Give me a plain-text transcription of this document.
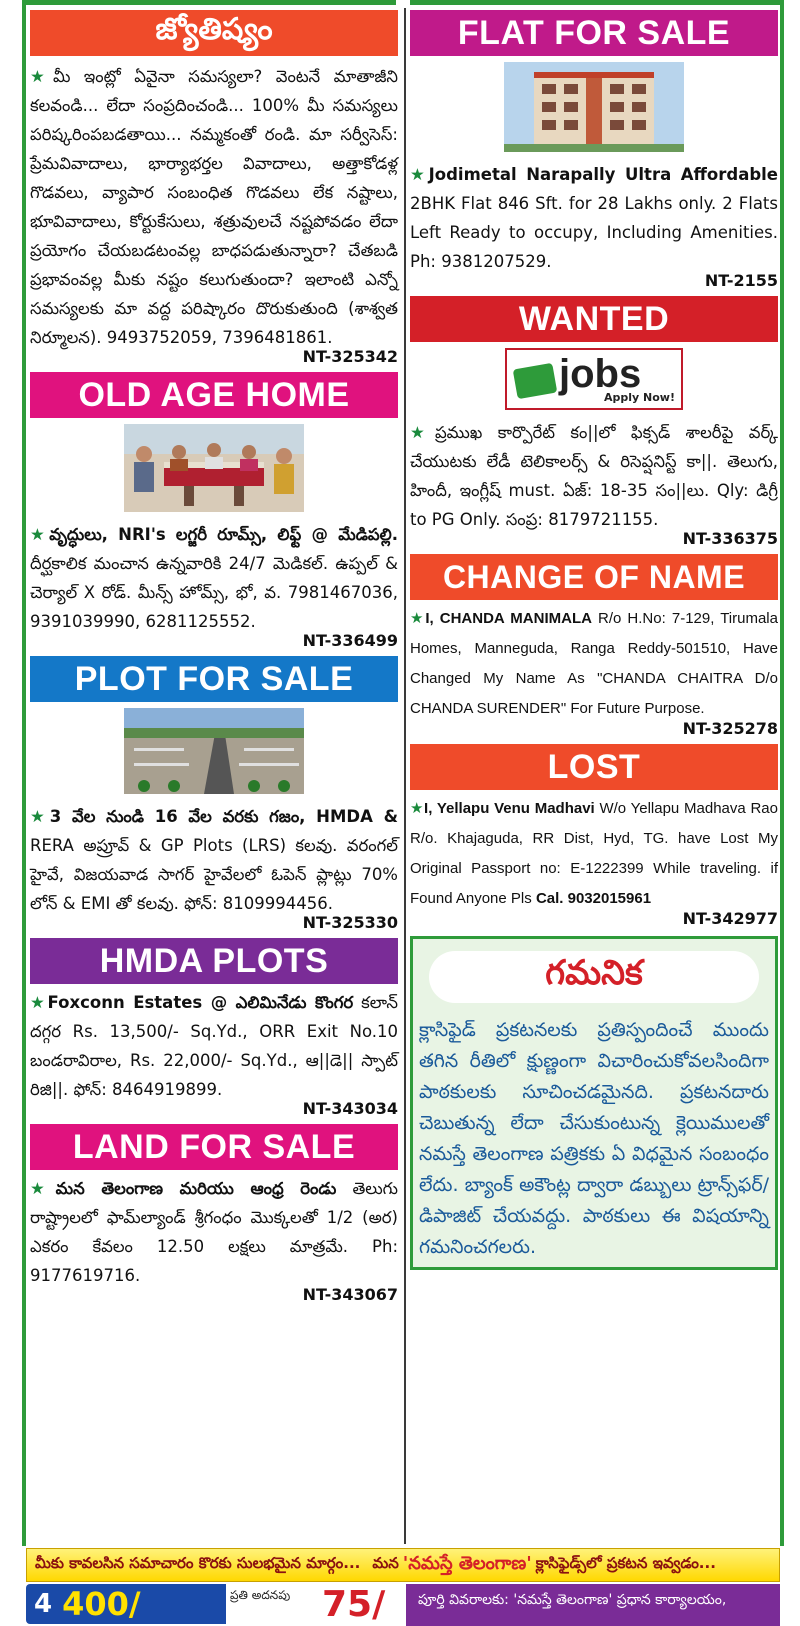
జ్యోతిష్యం
★మీ ఇంట్లో ఏవైనా సమస్యలా? వెంటనే మాతాజీని కలవండి... లేదా సంప్రదించండి... 100% మీ సమస్యలు పరిష్కరింపబడతాయి... నమ్మకంతో రండి. మా సర్వీసెస్: ప్రేమవివాదాలు, భార్యాభర్తల వివాదాలు, అత్తాకోడళ్ల గొడవలు, వ్యాపార సంబంధిత గొడవలు లేక నష్టాలు, భూవివాదాలు, కోర్టుకేసులు, శత్రువులచే నష్టపోవడం లేదా ప్రయోగం చేయబడటంవల్ల బాధపడుతున్నారా? చేతబడి ప్రభావంవల్ల మీకు నష్టం కలుగుతుందా? ఇలాంటి ఎన్నో సమస్యలకు మా వద్ద పరిష్కారం దొరుకుతుంది (శాశ్వత నిర్మూలన). 9493752059, 7396481861.
NT-325342
OLD AGE HOME
★వృద్ధులు, NRI's లగ్జరీ రూమ్స్, లిఫ్ట్ @ మేడిపల్లి. దీర్ఘకాలిక మంచాన ఉన్నవారికి 24/7 మెడికల్. ఉప్పల్ & చెర్యాల్ X రోడ్. మీన్స్ హోమ్స్, భో, వ. 7981467036, 9391039990, 6281125552.
NT-336499
PLOT FOR SALE
★3 వేల నుండి 16 వేల వరకు గజం, HMDA & RERA అప్రూవ్ & GP Plots (LRS) కలవు. వరంగల్ హైవే, విజయవాడ సాగర్ హైవేలలో ఓపెన్ ప్లాట్లు 70% లోన్ & EMI తో కలవు. ఫోన్: 8109994456.
NT-325330
HMDA PLOTS
★Foxconn Estates @ ఎలిమినేడు కొంగర కలాన్ దగ్గర Rs. 13,500/- Sq.Yd., ORR Exit No.10 బండరావిరాల, Rs. 22,000/- Sq.Yd., ఆ||డె|| స్పాట్ రిజి||. ఫోన్: 8464919899.
NT-343034
LAND FOR SALE
★మన తెలంగాణ మరియు ఆంధ్ర రెండు తెలుగు రాష్ట్రాలలో ఫామ్‌ల్యాండ్ శ్రీగంధం మొక్కలతో 1/2 (అర) ఎకరం కేవలం 12.50 లక్షలు మాత్రమే. Ph: 9177619716.
NT-343067
FLAT FOR SALE
★Jodimetal Narapally Ultra Affordable 2BHK Flat 846 Sft. for 28 Lakhs only. 2 Flats Left Ready to occupy, Including Amenities. Ph: 9381207529.
NT-2155
WANTED
jobs
Apply Now!
★ప్రముఖ కార్పొరేట్ కం||లో ఫిక్సడ్ శాలరీపై వర్క్ చేయుటకు లేడీ టెలికాలర్స్ & రిసెప్షనిస్ట్ కా||. తెలుగు, హిందీ, ఇంగ్లీష్ must. ఏజ్: 18-35 సం||లు. Qly: డిగ్రీ to PG Only. సంప్ర: 8179721155.
NT-336375
CHANGE OF NAME
★I, CHANDA MANIMALA R/o H.No: 7-129, Tirumala Homes, Manneguda, Ranga Reddy-501510, Have Changed My Name As "CHANDA CHAITRA D/o CHANDA SURENDER" For Future Purpose.
NT-325278
LOST
★I, Yellapu Venu Madhavi W/o Yellapu Madhava Rao R/o. Khajaguda, RR Dist, Hyd, TG. have Lost My Original Passport no: E-1222399 While traveling. if Found Anyone Pls Cal. 9032015961
NT-342977
గమనిక
క్లాసిఫైడ్ ప్రకటనలకు ప్రతిస్పందించే ముందు తగిన రీతిలో క్షుణ్ణంగా విచారించుకోవలసిందిగా పాఠకులకు సూచించడమైనది. ప్రకటనదారు చెబుతున్న లేదా చేసుకుంటున్న క్లెయిములతో నమస్తే తెలంగాణ పత్రికకు ఏ విధమైన సంబంధం లేదు. బ్యాంక్ అకౌంట్ల ద్వారా డబ్బులు ట్రాన్స్‌ఫర్/డిపాజిట్ చేయవద్దు. పాఠకులు ఈ విషయాన్ని గమనించగలరు.
మీకు కావలసిన సమాచారం కొరకు సులభమైన మార్గం... మన 'నమస్తే తెలంగాణ' క్లాసిఫైడ్స్‌లో ప్రకటన ఇవ్వడం...
4 400/	ప్రతి అదనపు 75/	పూర్తి వివరాలకు: 'నమస్తే తెలంగాణ' ప్రధాన కార్యాలయం,
